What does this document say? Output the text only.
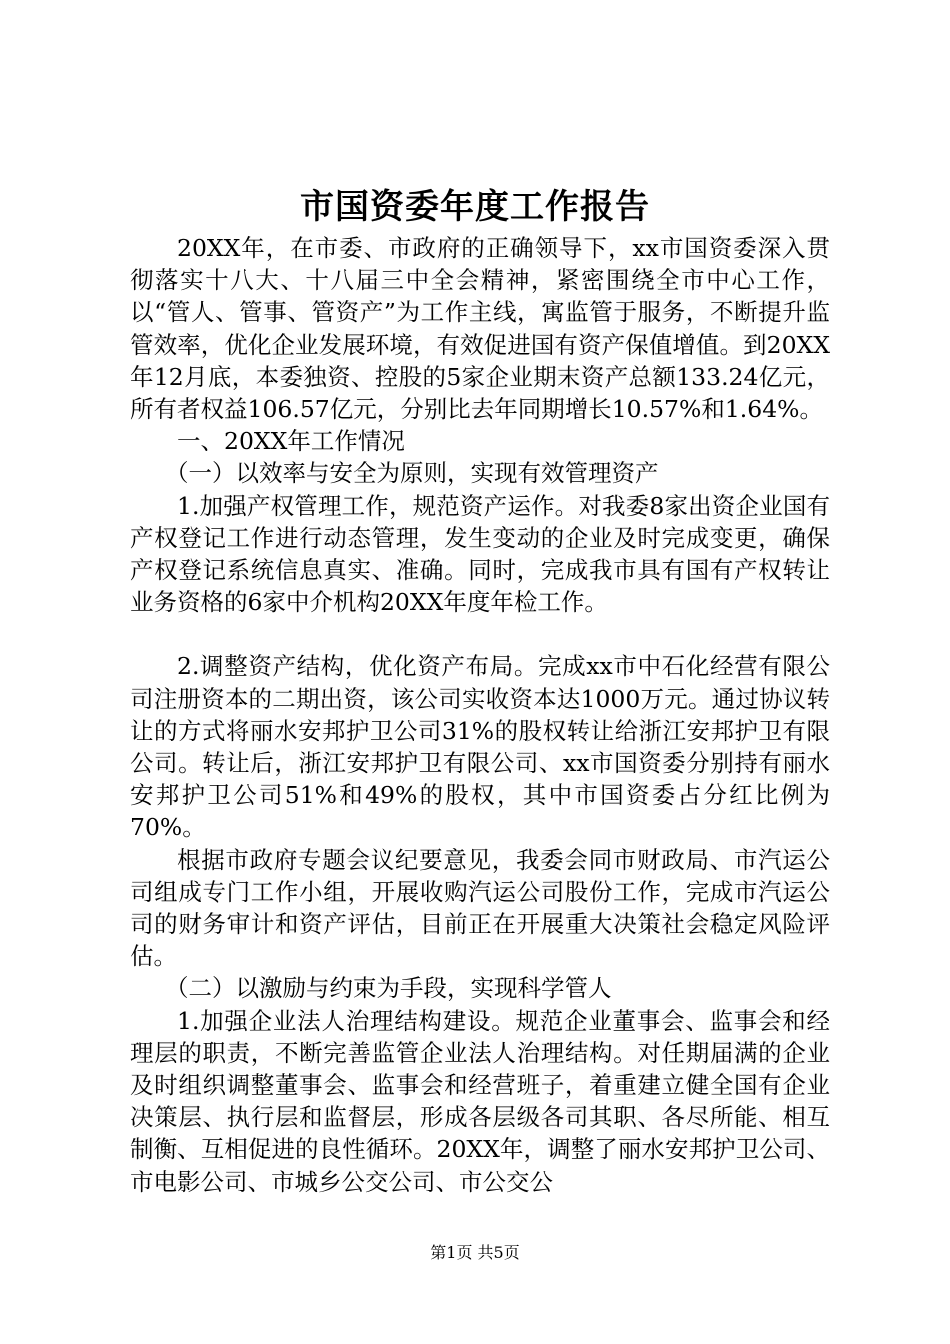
市国资委年度工作报告

20XX年，在市委、市政府的正确领导下，xx市国资委深入贯彻落实十八大、十八届三中全会精神，紧密围绕全市中心工作，以“管人、管事、管资产”为工作主线，寓监管于服务，不断提升监管效率，优化企业发展环境，有效促进国有资产保值增值。到20XX年12月底，本委独资、控股的5家企业期末资产总额133.24亿元，所有者权益106.57亿元，分别比去年同期增长10.57%和1.64%。

一、20XX年工作情况

（一）以效率与安全为原则，实现有效管理资产

1.加强产权管理工作，规范资产运作。对我委8家出资企业国有产权登记工作进行动态管理，发生变动的企业及时完成变更，确保产权登记系统信息真实、准确。同时，完成我市具有国有产权转让业务资格的6家中介机构20XX年度年检工作。

2.调整资产结构，优化资产布局。完成xx市中石化经营有限公司注册资本的二期出资，该公司实收资本达1000万元。通过协议转让的方式将丽水安邦护卫公司31%的股权转让给浙江安邦护卫有限公司。转让后，浙江安邦护卫有限公司、xx市国资委分别持有丽水安邦护卫公司51%和49%的股权，其中市国资委占分红比例为70%。

根据市政府专题会议纪要意见，我委会同市财政局、市汽运公司组成专门工作小组，开展收购汽运公司股份工作，完成市汽运公司的财务审计和资产评估，目前正在开展重大决策社会稳定风险评估。

（二）以激励与约束为手段，实现科学管人

1.加强企业法人治理结构建设。规范企业董事会、监事会和经理层的职责，不断完善监管企业法人治理结构。对任期届满的企业及时组织调整董事会、监事会和经营班子，着重建立健全国有企业决策层、执行层和监督层，形成各层级各司其职、各尽所能、相互制衡、互相促进的良性循环。20XX年，调整了丽水安邦护卫公司、市电影公司、市城乡公交公司、市公交公

第1页 共5页
